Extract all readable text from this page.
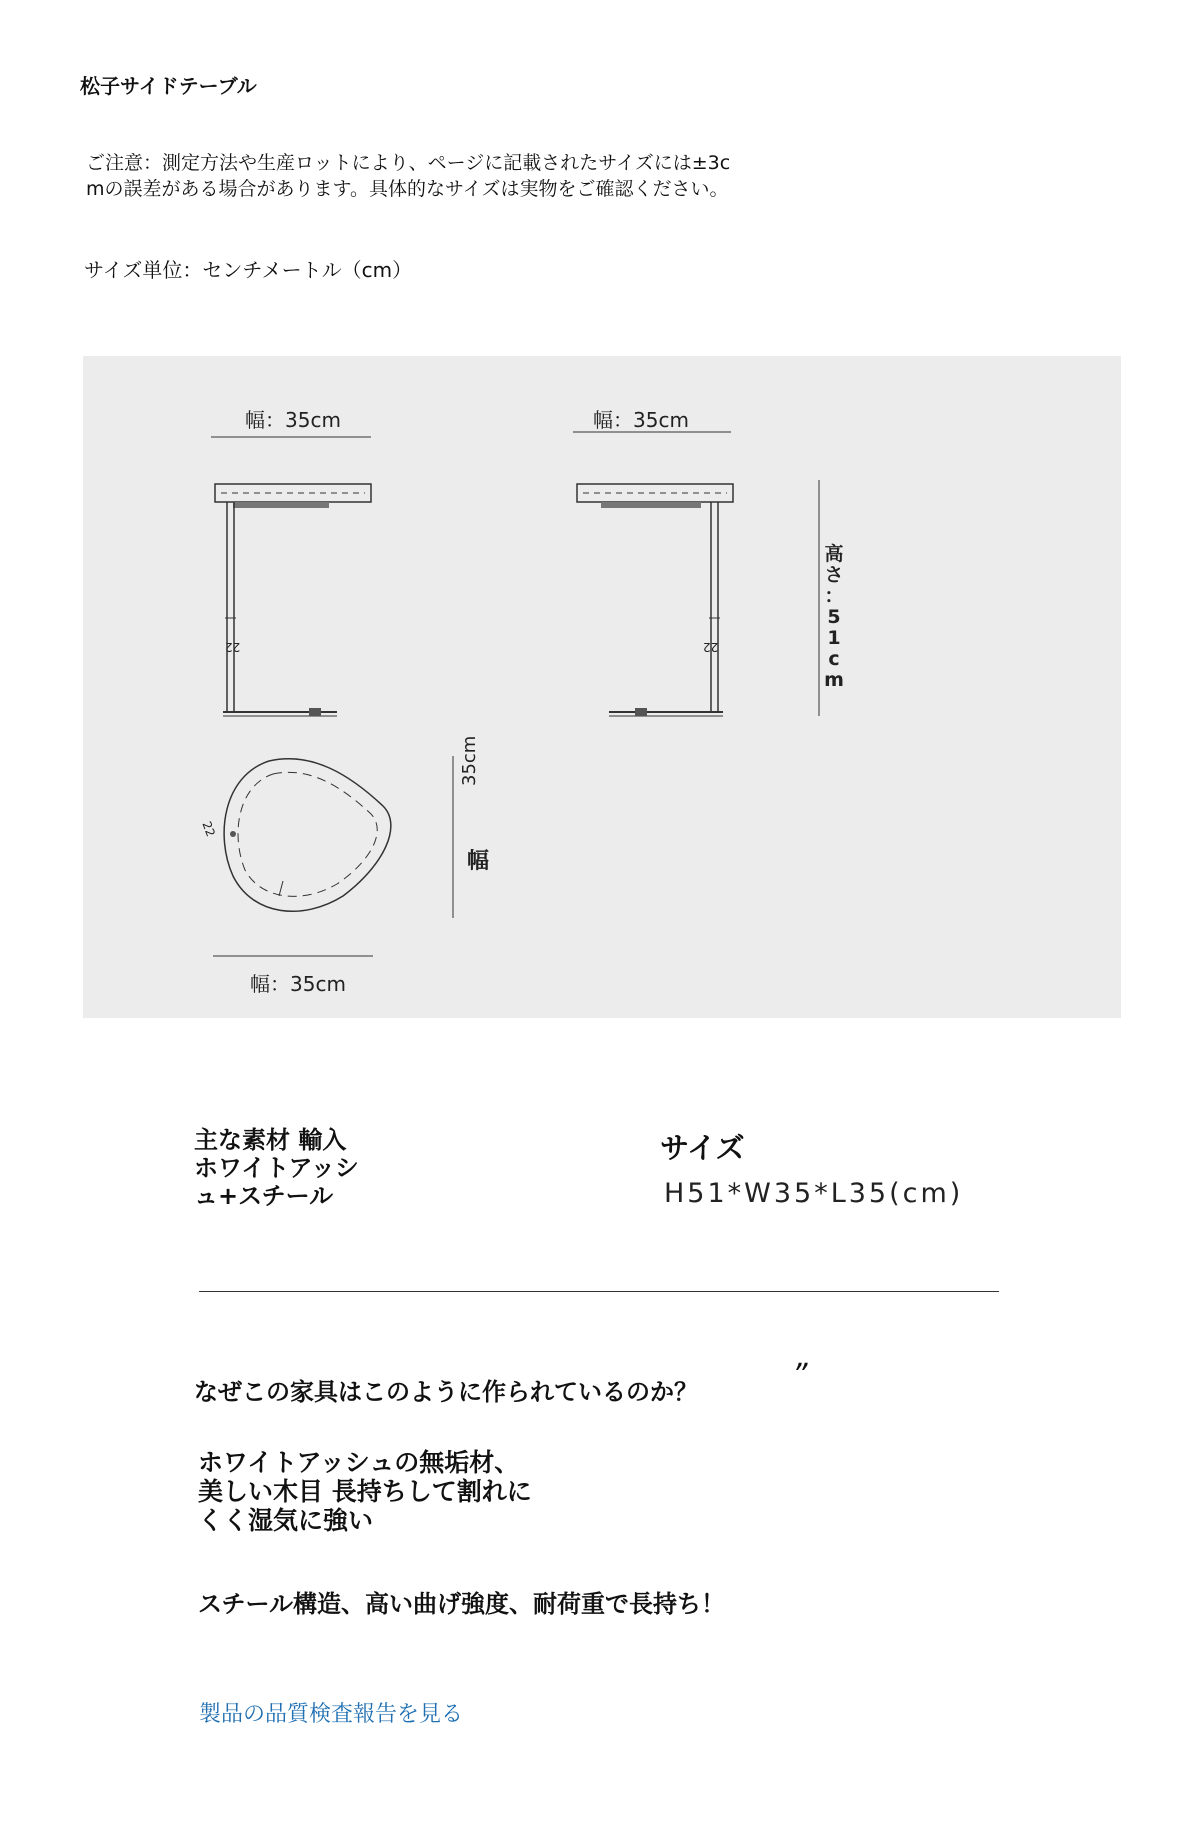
松子サイドテーブル
ご注意：測定方法や生産ロットにより、ページに記載されたサイズには±3c
mの誤差がある場合があります。具体的なサイズは実物をご確認ください。
サイズ単位：センチメートル（cm）
幅：35cm	幅：35cm
幅：35cm
高
さ
：
5
1
c
m
35cm
幅
22	22
22
主な素材 輸入
ホワイトアッシ
ュ+スチール
サイズ
H51*W35*L35(cm)
なぜこの家具はこのように作られているのか？	”
ホワイトアッシュの無垢材、
美しい木目 長持ちして割れに
くく湿気に強い
スチール構造、高い曲げ強度、耐荷重で長持ち！
製品の品質検査報告を見る
